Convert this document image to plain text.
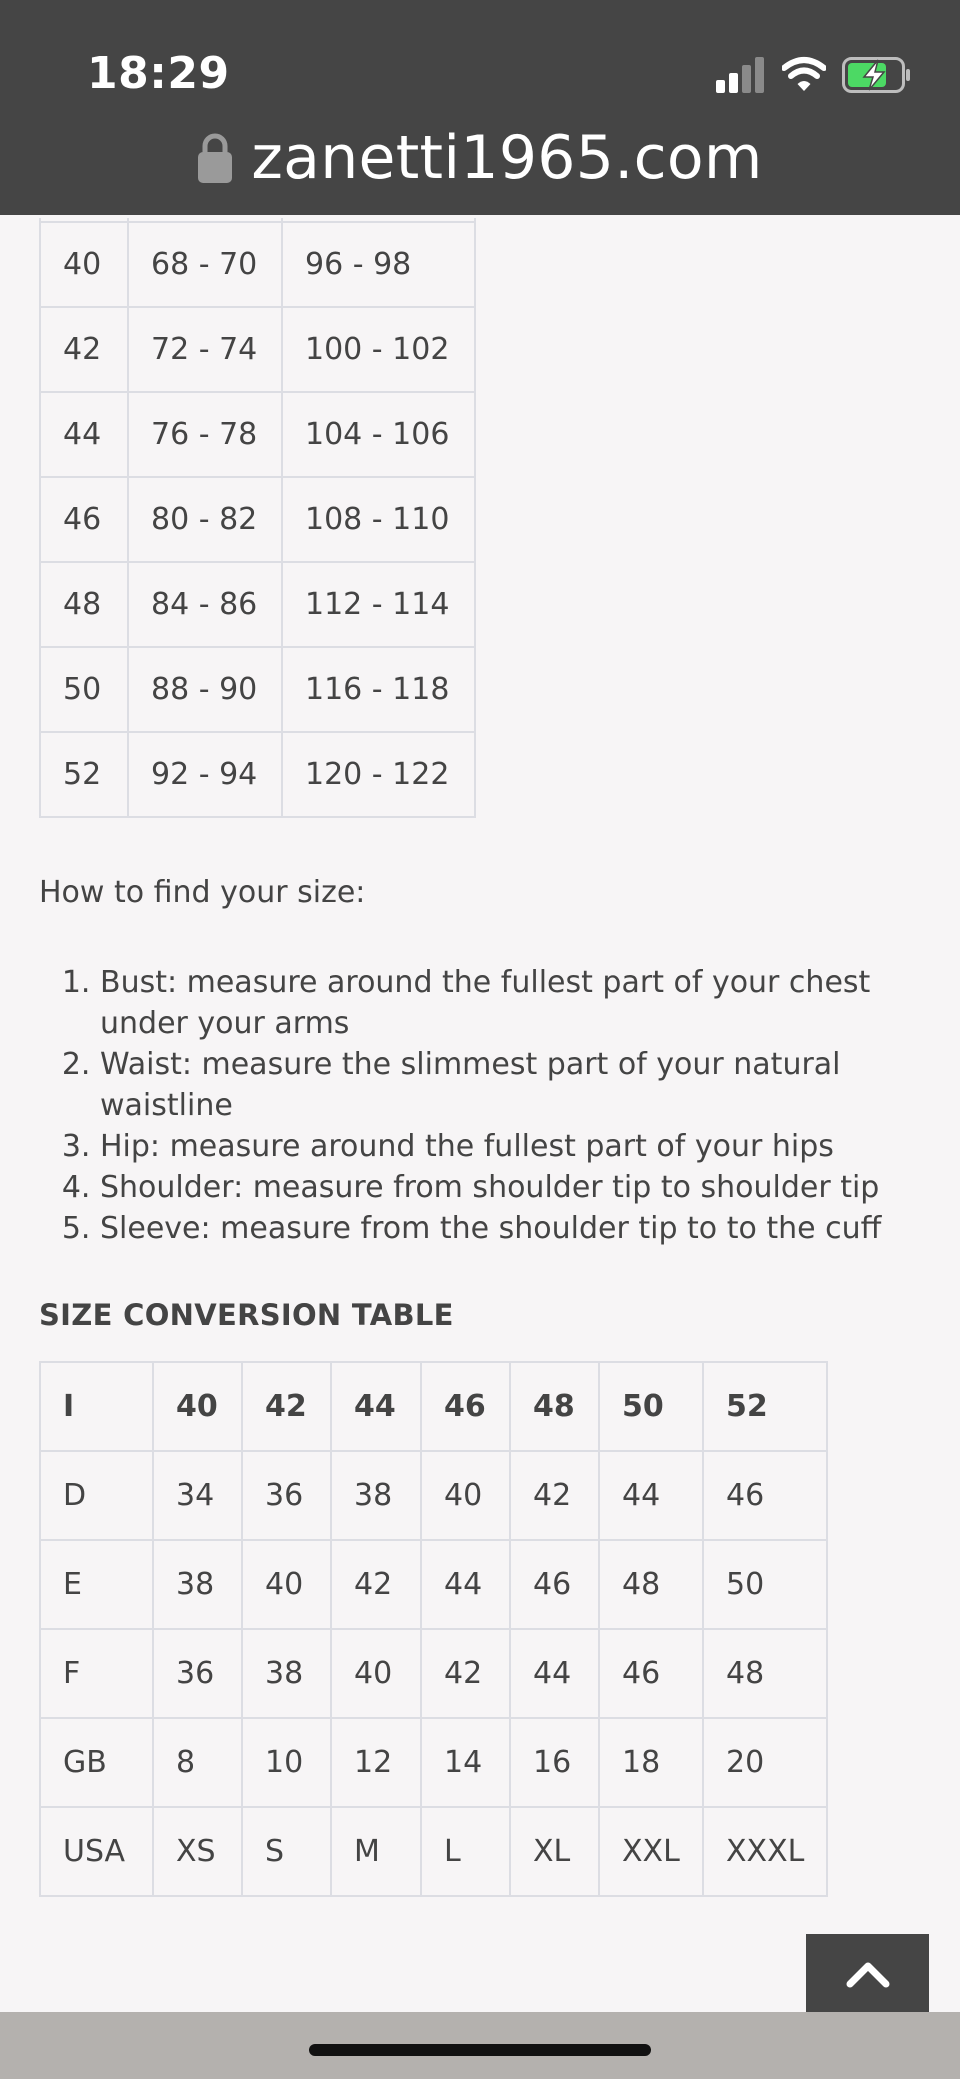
18:29
zanetti1965.com

40	68 - 70	96 - 98
42	72 - 74	100 - 102
44	76 - 78	104 - 106
46	80 - 82	108 - 110
48	84 - 86	112 - 114
50	88 - 90	116 - 118
52	92 - 94	120 - 122
How to find your size:
1. Bust: measure around the fullest part of your chest under your arms
2. Waist: measure the slimmest part of your natural waistline
3. Hip: measure around the fullest part of your hips
4. Shoulder: measure from shoulder tip to shoulder tip
5. Sleeve: measure from the shoulder tip to to the cuff
SIZE CONVERSION TABLE
I	40	42	44	46	48	50	52
D	34	36	38	40	42	44	46
E	38	40	42	44	46	48	50
F	36	38	40	42	44	46	48
GB	8	10	12	14	16	18	20
USA	XS	S	M	L	XL	XXL	XXXL
